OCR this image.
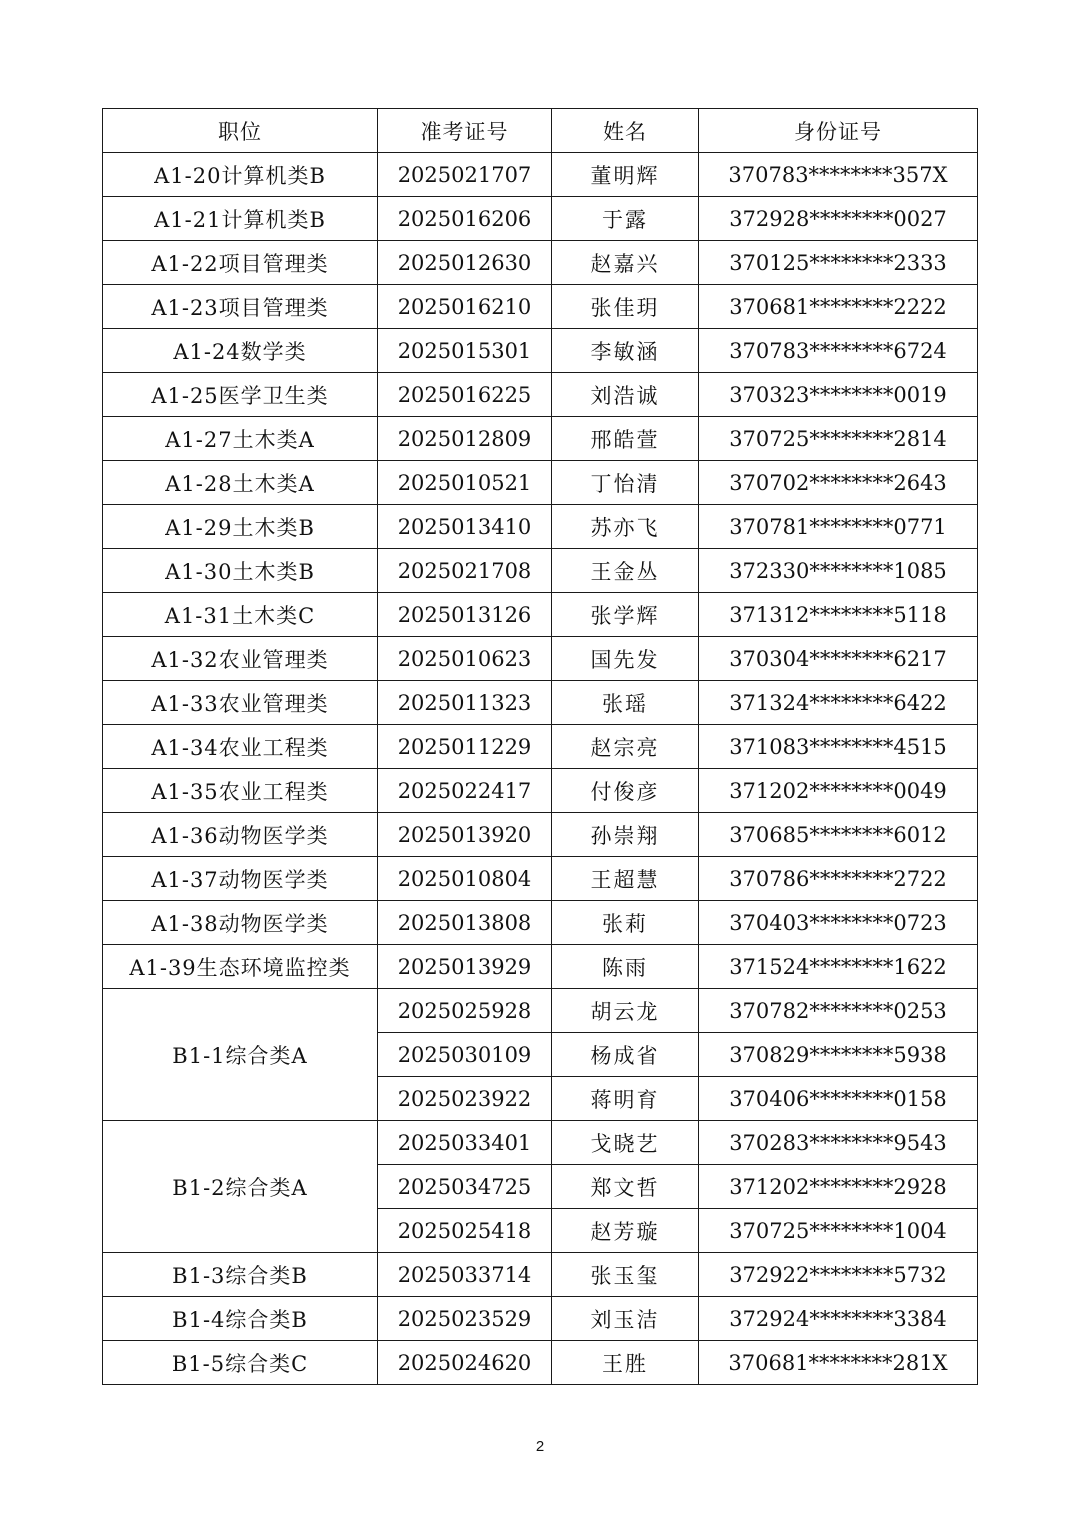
职位	准考证号	姓名	身份证号
A1-20计算机类B	2025021707	董明辉	370783********357X
A1-21计算机类B	2025016206	于露	372928********0027
A1-22项目管理类	2025012630	赵嘉兴	370125********2333
A1-23项目管理类	2025016210	张佳玥	370681********2222
A1-24数学类	2025015301	李敏涵	370783********6724
A1-25医学卫生类	2025016225	刘浩诚	370323********0019
A1-27土木类A	2025012809	邢皓萱	370725********2814
A1-28土木类A	2025010521	丁怡清	370702********2643
A1-29土木类B	2025013410	苏亦飞	370781********0771
A1-30土木类B	2025021708	王金丛	372330********1085
A1-31土木类C	2025013126	张学辉	371312********5118
A1-32农业管理类	2025010623	国先发	370304********6217
A1-33农业管理类	2025011323	张瑶	371324********6422
A1-34农业工程类	2025011229	赵宗亮	371083********4515
A1-35农业工程类	2025022417	付俊彦	371202********0049
A1-36动物医学类	2025013920	孙崇翔	370685********6012
A1-37动物医学类	2025010804	王超慧	370786********2722
A1-38动物医学类	2025013808	张莉	370403********0723
A1-39生态环境监控类	2025013929	陈雨	371524********1622
B1-1综合类A	2025025928	胡云龙	370782********0253
	2025030109	杨成省	370829********5938
	2025023922	蒋明育	370406********0158
B1-2综合类A	2025033401	戈晓艺	370283********9543
	2025034725	郑文哲	371202********2928
	2025025418	赵芳璇	370725********1004
B1-3综合类B	2025033714	张玉玺	372922********5732
B1-4综合类B	2025023529	刘玉洁	372924********3384
B1-5综合类C	2025024620	王胜	370681********281X
2
